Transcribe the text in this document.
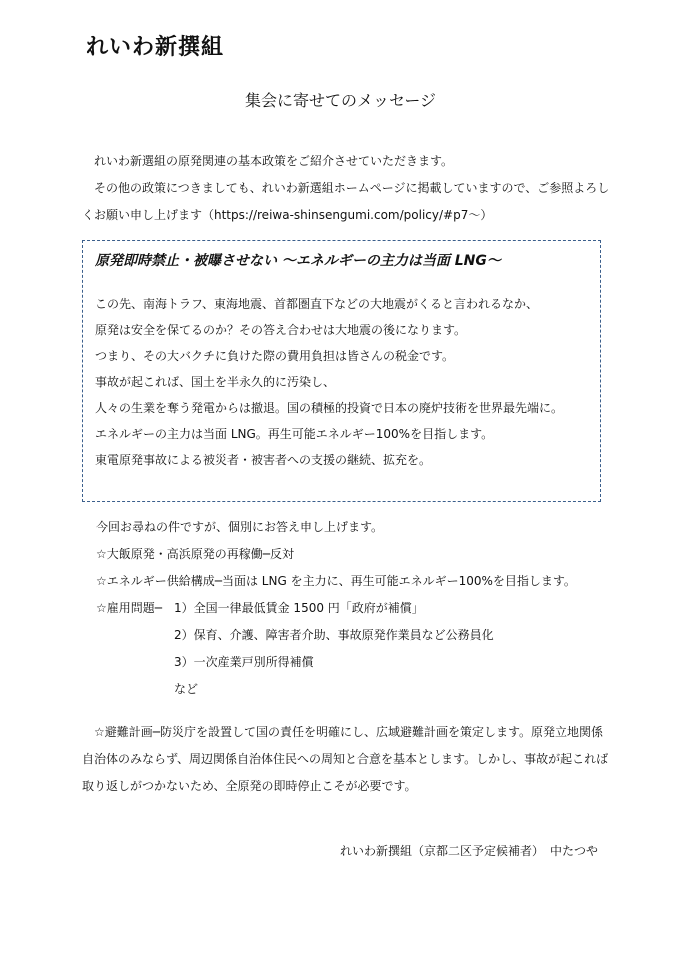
れいわ新撰組
集会に寄せてのメッセージ

れいわ新選組の原発関連の基本政策をご紹介させていただきます。

その他の政策につきましても、れいわ新選組ホームページに掲載していますので、ご参照よろしくお願い申し上げます（https://reiwa-shinsengumi.com/policy/#p7〜）

原発即時禁止・被曝させない ～エネルギーの主力は当面 LNG～
この先、南海トラフ、東海地震、首都圏直下などの大地震がくると言われるなか、
原発は安全を保てるのか？その答え合わせは大地震の後になります。
つまり、その大バクチに負けた際の費用負担は皆さんの税金です。
事故が起これば、国土を半永久的に汚染し、
人々の生業を奪う発電からは撤退。国の積極的投資で日本の廃炉技術を世界最先端に。
エネルギーの主力は当面 LNG。再生可能エネルギー100%を目指します。
東電原発事故による被災者・被害者への支援の継続、拡充を。
今回お尋ねの件ですが、個別にお答え申し上げます。
☆大飯原発・高浜原発の再稼働─反対
☆エネルギー供給構成─当面は LNG を主力に、再生可能エネルギー100%を目指します。
☆雇用問題─　1）全国一律最低賃金 1500 円「政府が補償」
2）保育、介護、障害者介助、事故原発作業員など公務員化
3）一次産業戸別所得補償
など

☆避難計画─防災庁を設置して国の責任を明確にし、広域避難計画を策定します。原発立地関係自治体のみならず、周辺関係自治体住民への周知と合意を基本とします。しかし、事故が起これば取り返しがつかないため、全原発の即時停止こそが必要です。

れいわ新撰組（京都二区予定候補者）　中たつや
